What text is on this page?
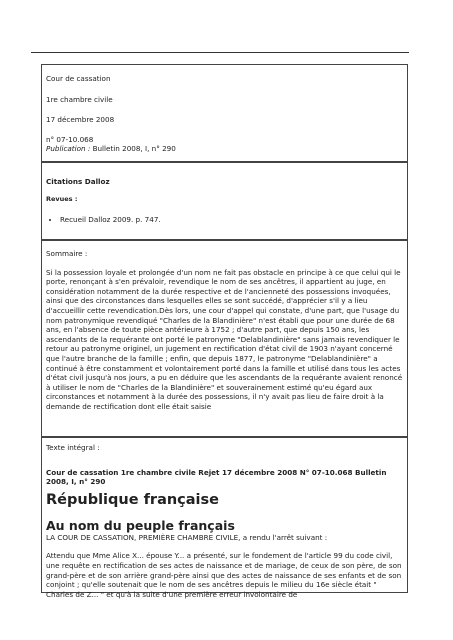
Cour de cassation

1re chambre civile

17 décembre 2008

n° 07-10.068

Publication : Bulletin 2008, I, n° 290

Citations Dalloz

Revues :

• Recueil Dalloz 2009. p. 747.

Sommaire :

Si la possession loyale et prolongée d'un nom ne fait pas obstacle en principe à ce que celui qui le porte, renonçant à s'en prévaloir, revendique le nom de ses ancêtres, il appartient au juge, en considération notamment de la durée respective et de l'ancienneté des possessions invoquées, ainsi que des circonstances dans lesquelles elles se sont succédé, d'apprécier s'il y a lieu d'accueillir cette revendication.Dès lors, une cour d'appel qui constate, d'une part, que l'usage du nom patronymique revendiqué "Charles de la Blandinière" n'est établi que pour une durée de 68 ans, en l'absence de toute pièce antérieure à 1752 ; d'autre part, que depuis 150 ans, les ascendants de la requérante ont porté le patronyme "Delablandinière" sans jamais revendiquer le retour au patronyme originel, un jugement en rectification d'état civil de 1903 n'ayant concerné que l'autre branche de la famille ; enfin, que depuis 1877, le patronyme "Delablandinière" a continué à être constamment et volontairement porté dans la famille et utilisé dans tous les actes d'état civil jusqu'à nos jours, a pu en déduire que les ascendants de la requérante avaient renoncé à utiliser le nom de "Charles de la Blandinière" et souverainement estimé qu'eu égard aux circonstances et notamment à la durée des possessions, il n'y avait pas lieu de faire droit à la demande de rectification dont elle était saisie

Texte intégral :

Cour de cassation 1re chambre civile Rejet 17 décembre 2008 N° 07-10.068 Bulletin 2008, I, n° 290

République française
Au nom du peuple français

LA COUR DE CASSATION, PREMIÈRE CHAMBRE CIVILE, a rendu l'arrêt suivant :

Attendu que Mme Alice X... épouse Y... a présenté, sur le fondement de l'article 99 du code civil, une requête en rectification de ses actes de naissance et de mariage, de ceux de son père, de son grand-père et de son arrière grand-père ainsi que des actes de naissance de ses enfants et de son conjoint ; qu'elle soutenait que le nom de ses ancêtres depuis le milieu du 16e siècle était " Charles de Z... " et qu'à la suite d'une première erreur involontaire de
